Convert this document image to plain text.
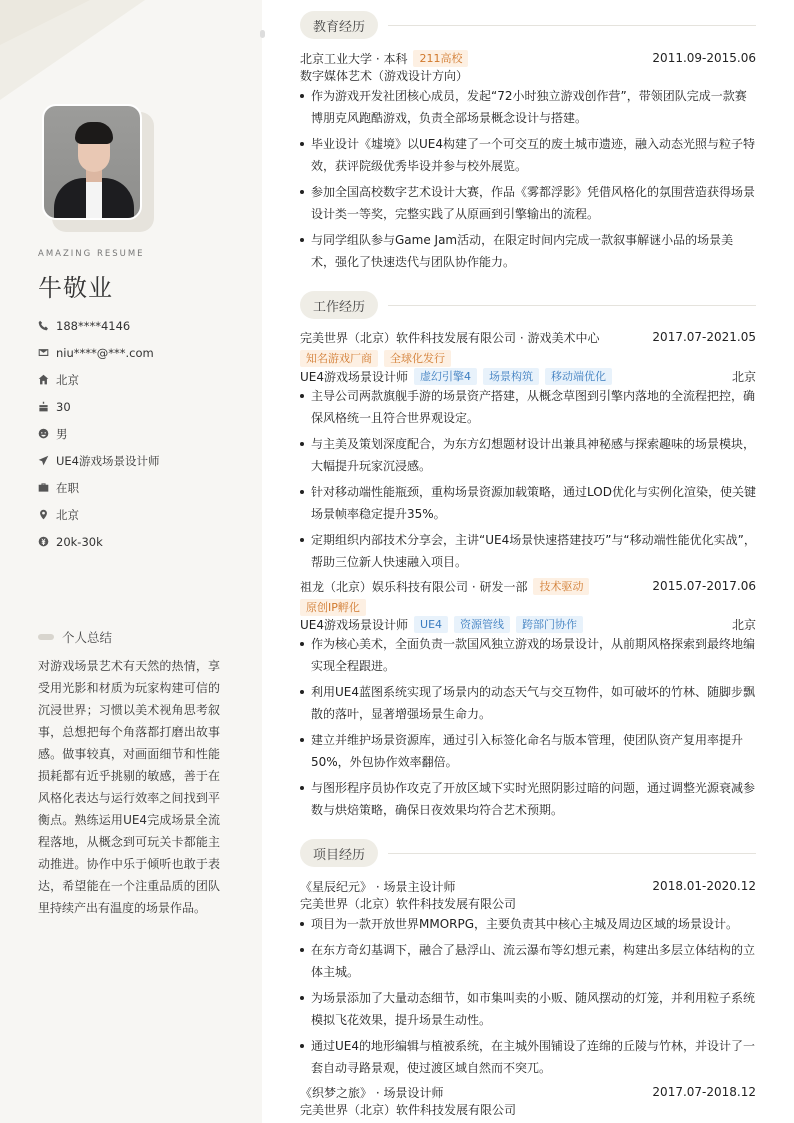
AMAZING RESUME
牛敬业
188****4146
niu****@***.com
北京
30
男
UE4游戏场景设计师
在职
北京
20k-30k
个人总结
对游戏场景艺术有天然的热情，享受用光影和材质为玩家构建可信的沉浸世界；习惯以美术视角思考叙事，总想把每个角落都打磨出故事感。做事较真，对画面细节和性能损耗都有近乎挑剔的敏感，善于在风格化表达与运行效率之间找到平衡点。熟练运用UE4完成场景全流程落地，从概念到可玩关卡都能主动推进。协作中乐于倾听也敢于表达，希望能在一个注重品质的团队里持续产出有温度的场景作品。
教育经历
北京工业大学 · 本科	211高校	2011.09-2015.06
数字媒体艺术（游戏设计方向）
作为游戏开发社团核心成员，发起“72小时独立游戏创作营”，带领团队完成一款赛博朋克风跑酷游戏，负责全部场景概念设计与搭建。
毕业设计《墟境》以UE4构建了一个可交互的废土城市遗迹，融入动态光照与粒子特效，获评院级优秀毕设并参与校外展览。
参加全国高校数字艺术设计大赛，作品《雾都浮影》凭借风格化的氛围营造获得场景设计类一等奖，完整实践了从原画到引擎输出的流程。
与同学组队参与Game Jam活动，在限定时间内完成一款叙事解谜小品的场景美术，强化了快速迭代与团队协作能力。
工作经历
完美世界（北京）软件科技发展有限公司 · 游戏美术中心	2017.07-2021.05
知名游戏厂商	全球化发行
UE4游戏场景设计师	虚幻引擎4	场景构筑	移动端优化	北京
主导公司两款旗舰手游的场景资产搭建，从概念草图到引擎内落地的全流程把控，确保风格统一且符合世界观设定。
与主美及策划深度配合，为东方幻想题材设计出兼具神秘感与探索趣味的场景模块，大幅提升玩家沉浸感。
针对移动端性能瓶颈，重构场景资源加载策略，通过LOD优化与实例化渲染，使关键场景帧率稳定提升35%。
定期组织内部技术分享会，主讲“UE4场景快速搭建技巧”与“移动端性能优化实战”，帮助三位新人快速融入项目。
祖龙（北京）娱乐科技有限公司 · 研发一部	技术驱动	2015.07-2017.06
原创IP孵化
UE4游戏场景设计师	UE4	资源管线	跨部门协作	北京
作为核心美术，全面负责一款国风独立游戏的场景设计，从前期风格探索到最终地编实现全程跟进。
利用UE4蓝图系统实现了场景内的动态天气与交互物件，如可破坏的竹林、随脚步飘散的落叶，显著增强场景生命力。
建立并维护场景资源库，通过引入标签化命名与版本管理，使团队资产复用率提升50%，外包协作效率翻倍。
与图形程序员协作攻克了开放区域下实时光照阴影过暗的问题，通过调整光源衰减参数与烘焙策略，确保日夜效果均符合艺术预期。
项目经历
《星辰纪元》 · 场景主设计师	2018.01-2020.12
完美世界（北京）软件科技发展有限公司
项目为一款开放世界MMORPG，主要负责其中核心主城及周边区域的场景设计。
在东方奇幻基调下，融合了悬浮山、流云瀑布等幻想元素，构建出多层立体结构的立体主城。
为场景添加了大量动态细节，如市集叫卖的小贩、随风摆动的灯笼，并利用粒子系统模拟飞花效果，提升场景生动性。
通过UE4的地形编辑与植被系统，在主城外围铺设了连绵的丘陵与竹林，并设计了一套自动寻路景观，使过渡区域自然而不突兀。
《织梦之旅》 · 场景设计师	2017.07-2018.12
完美世界（北京）软件科技发展有限公司
